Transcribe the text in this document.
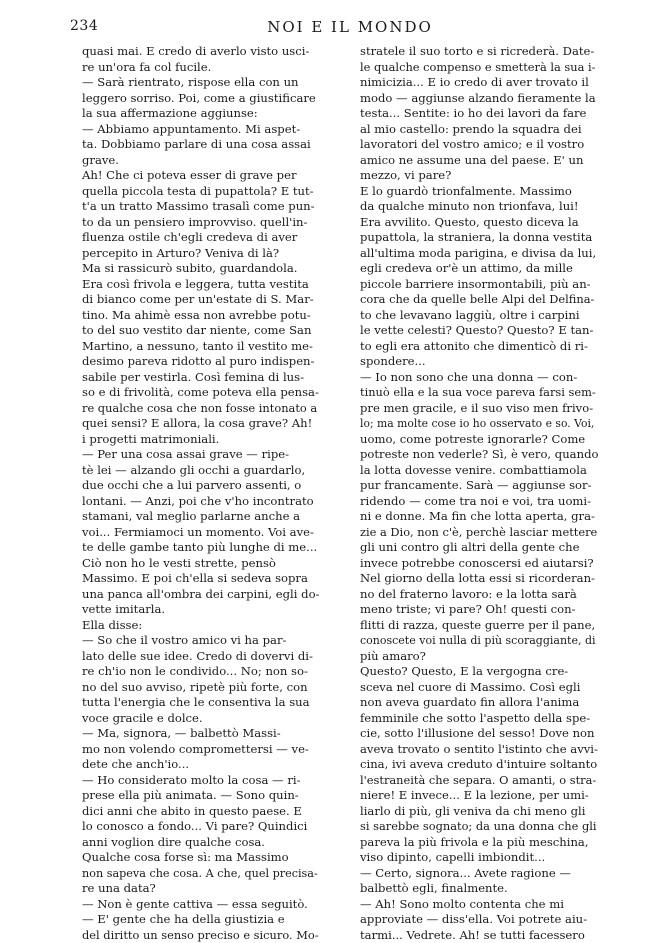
234	NOI E IL MONDO
quasi mai. E credo di averlo visto usci-
re un'ora fa col fucile.
— Sarà rientrato, rispose ella con un
leggero sorriso. Poi, come a giustificare
la sua affermazione aggiunse:
— Abbiamo appuntamento. Mi aspet-
ta. Dobbiamo parlare di una cosa assai
grave.
Ah! Che ci poteva esser di grave per
quella piccola testa di pupattola? E tut-
t'a un tratto Massimo trasalì come pun-
to da un pensiero improvviso. quell'in-
fluenza ostile ch'egli credeva di aver
percepito in Arturo? Veniva di là?
Ma si rassicurò subito, guardandola.
Era così frivola e leggera, tutta vestita
di bianco come per un'estate di S. Mar-
tino. Ma ahimè essa non avrebbe potu-
to del suo vestito dar niente, come San
Martino, a nessuno, tanto il vestito me-
desimo pareva ridotto al puro indispen-
sabile per vestirla. Così femina di lus-
so e di frivolità, come poteva ella pensa-
re qualche cosa che non fosse intonato a
quei sensi? E allora, la cosa grave? Ah!
i progetti matrimoniali.
— Per una cosa assai grave — ripe-
tè lei — alzando gli occhi a guardarlo,
due occhi che a lui parvero assenti, o
lontani. — Anzi, poi che v'ho incontrato
stamani, val meglio parlarne anche a
voi... Fermiamoci un momento. Voi ave-
te delle gambe tanto più lunghe di me...
Ciò non ho le vesti strette, pensò
Massimo. E poi ch'ella si sedeva sopra
una panca all'ombra dei carpini, egli do-
vette imitarla.
Ella disse:
— So che il vostro amico vi ha par-
lato delle sue idee. Credo di dovervi di-
re ch'io non le condivido... No; non so-
no del suo avviso, ripetè più forte, con
tutta l'energia che le consentiva la sua
voce gracile e dolce.
— Ma, signora, — balbettò Massi-
mo non volendo compromettersi — ve-
dete che anch'io...
— Ho considerato molto la cosa — ri-
prese ella più animata. — Sono quin-
dici anni che abito in questo paese. E
lo conosco a fondo... Vi pare? Quindici
anni voglion dire qualche cosa.
Qualche cosa forse sì: ma Massimo
non sapeva che cosa. A che, quel precisa-
re una data?
— Non è gente cattiva — essa seguitò.
— E' gente che ha della giustizia e
del diritto un senso preciso e sicuro. Mo-
stratele il suo torto e si ricrederà. Date-
le qualche compenso e smetterà la sua i-
nimicizia... E io credo di aver trovato il
modo — aggiunse alzando fieramente la
testa... Sentite: io ho dei lavori da fare
al mio castello: prendo la squadra dei
lavoratori del vostro amico; e il vostro
amico ne assume una del paese. E' un
mezzo, vi pare?
E lo guardò trionfalmente. Massimo
da qualche minuto non trionfava, lui!
Era avvilito. Questo, questo diceva la
pupattola, la straniera, la donna vestita
all'ultima moda parigina, e divisa da lui,
egli credeva or'è un attimo, da mille
piccole barriere insormontabili, più an-
cora che da quelle belle Alpi del Delfina-
to che levavano laggiù, oltre i carpini
le vette celesti? Questo? Questo? E tan-
to egli era attonito che dimenticò di ri-
spondere...
— Io non sono che una donna — con-
tinuò ella e la sua voce pareva farsi sem-
pre men gracile, e il suo viso men frivo-
lo; ma molte cose io ho osservato e so. Voi,
uomo, come potreste ignorarle? Come
potreste non vederle? Sì, è vero, quando
la lotta dovesse venire. combattiamola
pur francamente. Sarà — aggiunse sor-
ridendo — come tra noi e voi, tra uomi-
ni e donne. Ma fin che lotta aperta, gra-
zie a Dio, non c'è, perchè lasciar mettere
gli uni contro gli altri della gente che
invece potrebbe conoscersi ed aiutarsi?
Nel giorno della lotta essi si ricorderan-
no del fraterno lavoro: e la lotta sarà
meno triste; vi pare? Oh! questi con-
flitti di razza, queste guerre per il pane,
conoscete voi nulla di più scoraggiante, di
più amaro?
Questo? Questo, E la vergogna cre-
sceva nel cuore di Massimo. Così egli
non aveva guardato fin allora l'anima
femminile che sotto l'aspetto della spe-
cie, sotto l'illusione del sesso! Dove non
aveva trovato o sentito l'istinto che avvi-
cina, ivi aveva creduto d'intuire soltanto
l'estraneità che separa. O amanti, o stra-
niere! E invece... E la lezione, per umi-
liarlo di più, gli veniva da chi meno gli
si sarebbe sognato; da una donna che gli
pareva la più frivola e la più meschina,
viso dipinto, capelli imbiondit...
— Certo, signora... Avete ragione —
balbettò egli, finalmente.
— Ah! Sono molto contenta che mi
approviate — diss'ella. Voi potrete aiu-
tarmi... Vedrete. Ah! se tutti facessero
